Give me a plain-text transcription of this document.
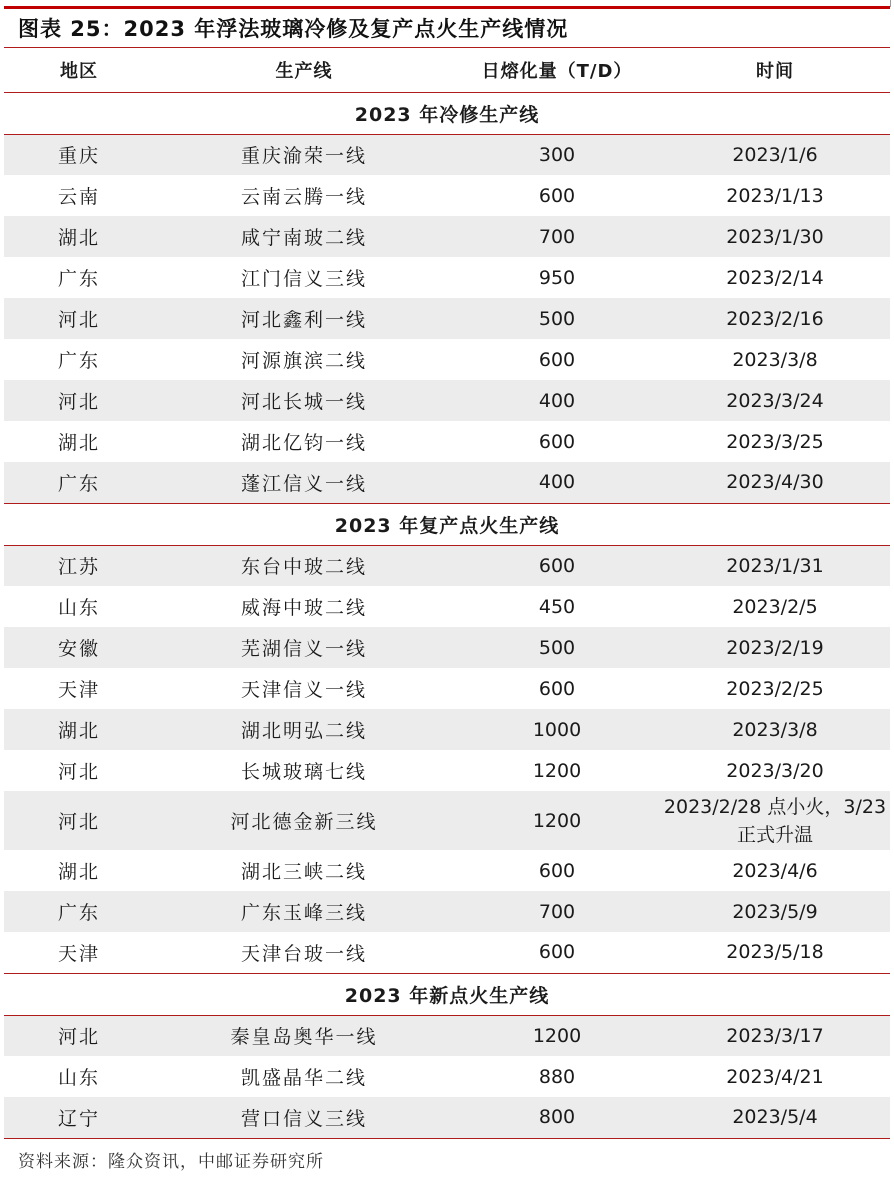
图表 25：2023 年浮法玻璃冷修及复产点火生产线情况
地区	生产线	日熔化量（T/D）	时间
2023 年冷修生产线			
重庆	重庆渝荣一线	300	2023/1/6
云南	云南云腾一线	600	2023/1/13
湖北	咸宁南玻二线	700	2023/1/30
广东	江门信义三线	950	2023/2/14
河北	河北鑫利一线	500	2023/2/16
广东	河源旗滨二线	600	2023/3/8
河北	河北长城一线	400	2023/3/24
湖北	湖北亿钧一线	600	2023/3/25
广东	蓬江信义一线	400	2023/4/30
2023 年复产点火生产线			
江苏	东台中玻二线	600	2023/1/31
山东	威海中玻二线	450	2023/2/5
安徽	芜湖信义一线	500	2023/2/19
天津	天津信义一线	600	2023/2/25
湖北	湖北明弘二线	1000	2023/3/8
河北	长城玻璃七线	1200	2023/3/20
河北	河北德金新三线	1200	2023/2/28 点小火，3/23 正式升温
湖北	湖北三峡二线	600	2023/4/6
广东	广东玉峰三线	700	2023/5/9
天津	天津台玻一线	600	2023/5/18
2023 年新点火生产线			
河北	秦皇岛奥华一线	1200	2023/3/17
山东	凯盛晶华二线	880	2023/4/21
辽宁	营口信义三线	800	2023/5/4
资料来源：隆众资讯，中邮证券研究所
